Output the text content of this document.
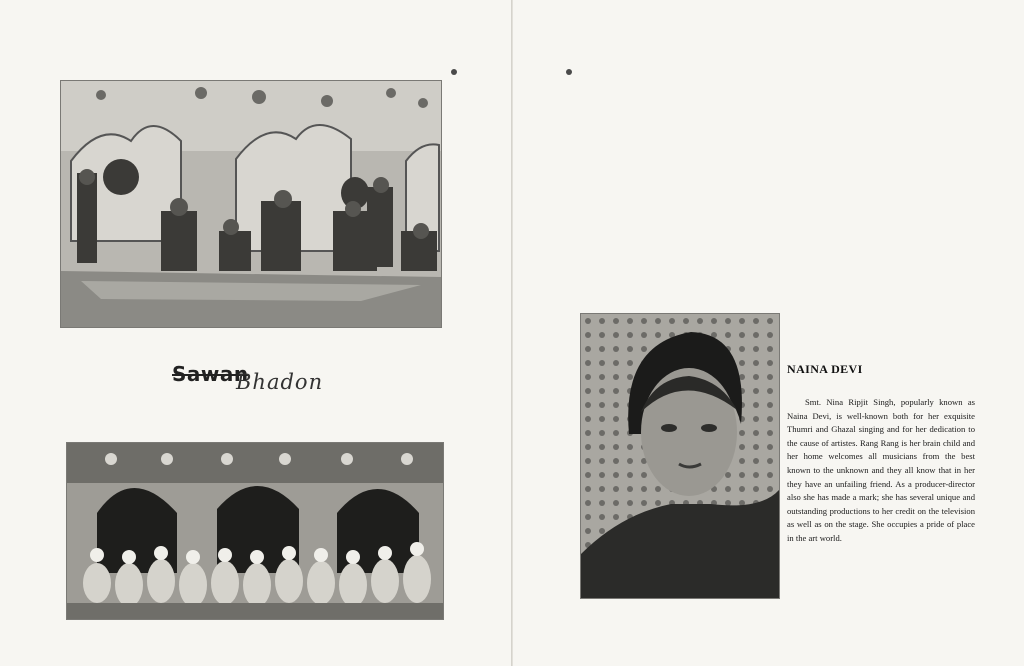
Sawan
Bhadon
NAINA DEVI
Smt. Nina Ripjit Singh, popularly known as Naina Devi, is well-known both for her exquisite Thumri and Ghazal singing and for her dedication to the cause of artistes. Rang Rang is her brain child and her home welcomes all musicians from the best known to the unknown and they all know that in her they have an unfailing friend. As a producer-director also she has made a mark; she has several unique and outstanding productions to her credit on the television as well as on the stage. She occupies a pride of place in the art world.
